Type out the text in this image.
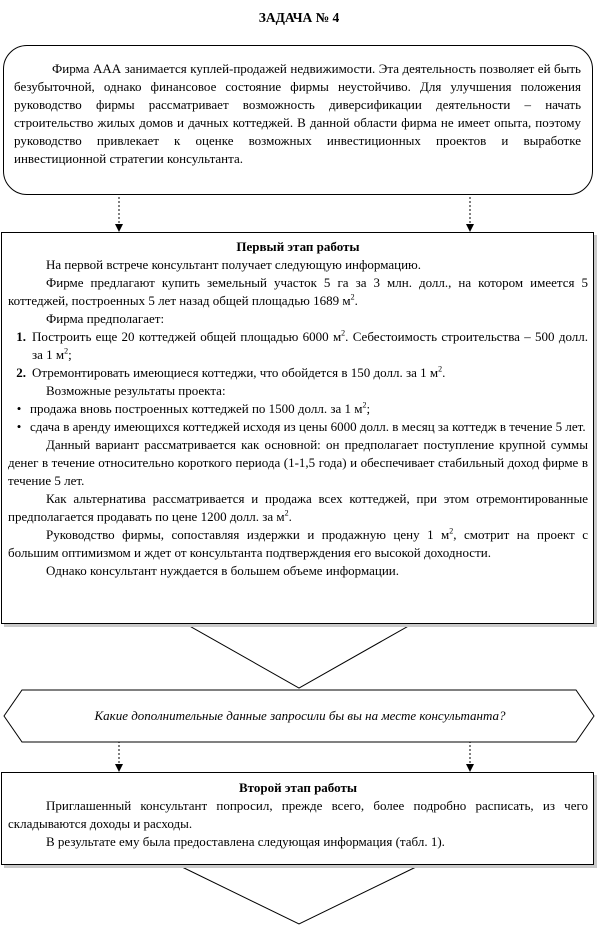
ЗАДАЧА № 4
Фирма ААА занимается куплей-продажей недвижимости. Эта деятельность позволяет ей быть безубыточной, однако финансовое состояние фирмы неустойчиво. Для улучшения положения руководство фирмы рассматривает возможность диверсификации деятельности – начать строительство жилых домов и дачных коттеджей. В данной области фирма не имеет опыта, поэтому руководство привлекает к оценке возможных инвестиционных проектов и выработке инвестиционной стратегии консультанта.
Первый этап работы

На первой встрече консультант получает следующую информацию.

Фирме предлагают купить земельный участок 5 га за 3 млн. долл., на котором имеется 5 коттеджей, построенных 5 лет назад общей площадью 1689 $м^2$.

Фирма предполагает:

1. Построить еще 20 коттеджей общей площадью 6000 $м^2$. Себестоимость строительства – 500 долл. за 1 $м^2$;
2. Отремонтировать имеющиеся коттеджи, что обойдется в 150 долл. за 1 $м^2$.

Возможные результаты проекта:

• продажа вновь построенных коттеджей по 1500 долл. за 1 $м^2$;
• сдача в аренду имеющихся коттеджей исходя из цены 6000 долл. в месяц за коттедж в течение 5 лет.

Данный вариант рассматривается как основной: он предполагает поступление крупной суммы денег в течение относительно короткого периода (1-1,5 года) и обеспечивает стабильный доход фирме в течение 5 лет.

Как альтернатива рассматривается и продажа всех коттеджей, при этом отремонтированные предполагается продавать по цене 1200 долл. за $м^2$.

Руководство фирмы, сопоставляя издержки и продажную цену 1 $м^2$, смотрит на проект с большим оптимизмом и ждет от консультанта подтверждения его высокой доходности.

Однако консультант нуждается в большем объеме информации.

Какие дополнительные данные запросили бы вы на месте консультанта?
Второй этап работы

Приглашенный консультант попросил, прежде всего, более подробно расписать, из чего складываются доходы и расходы.

В результате ему была предоставлена следующая информация (табл. 1).
